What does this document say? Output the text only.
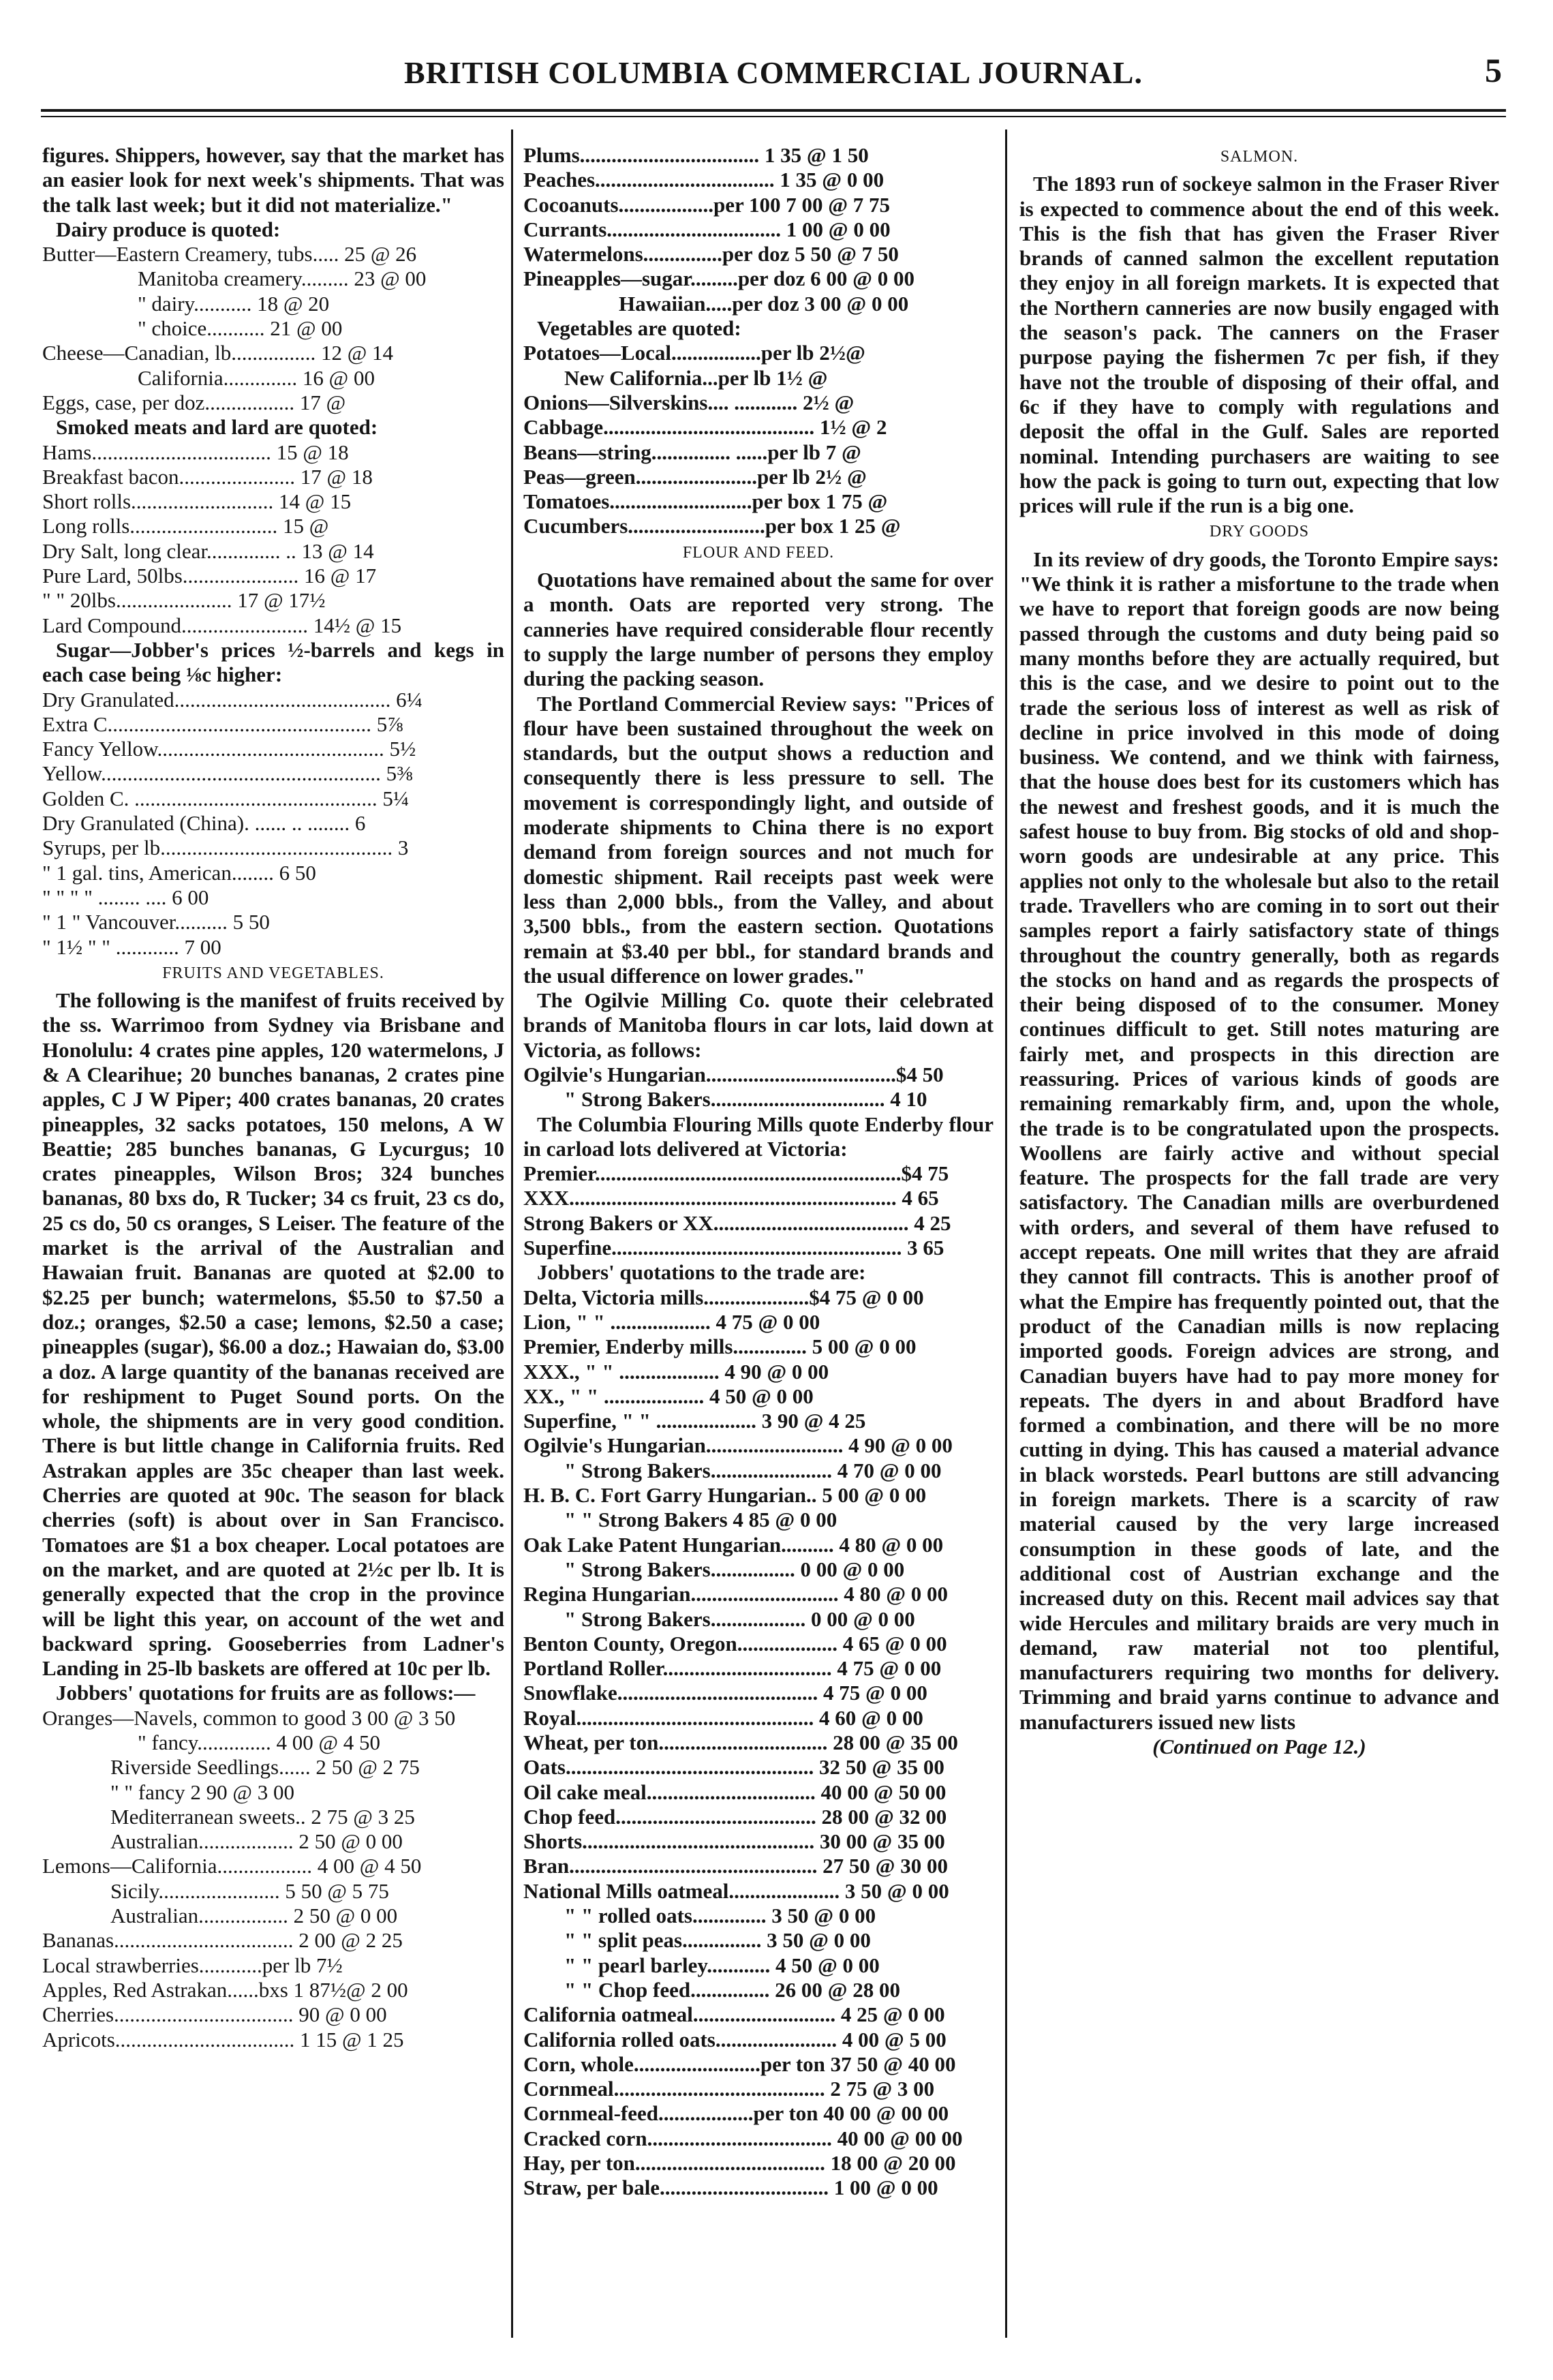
BRITISH COLUMBIA COMMERCIAL JOURNAL.	5
figures. Shippers, however, say that the market has an easier look for next week's shipments. That was the talk last week; but it did not materialize."
Dairy produce is quoted:
Butter—Eastern Creamery, tubs..... 25 @ 26
Manitoba creamery......... 23 @ 00
" dairy........... 18 @ 20
" choice........... 21 @ 00
Cheese—Canadian, lb................ 12 @ 14
California.............. 16 @ 00
Eggs, case, per doz................. 17 @
Smoked meats and lard are quoted:
Hams.................................. 15 @ 18
Breakfast bacon...................... 17 @ 18
Short rolls........................... 14 @ 15
Long rolls............................ 15 @
Dry Salt, long clear.............. .. 13 @ 14
Pure Lard, 50lbs...................... 16 @ 17
" " 20lbs...................... 17 @ 17½
Lard Compound........................ 14½ @ 15
Sugar—Jobber's prices ½-barrels and kegs in each case being ⅛c higher:
Dry Granulated......................................... 6¼
Extra C.................................................. 5⅞
Fancy Yellow........................................... 5½
Yellow..................................................... 5⅜
Golden C. .............................................. 5¼
Dry Granulated (China). ...... .. ........ 6
Syrups, per lb............................................ 3
" 1 gal. tins, American........ 6 50
" " " " ........ .... 6 00
" 1 " Vancouver.......... 5 50
" 1½ " " ............ 7 00
FRUITS AND VEGETABLES.
The following is the manifest of fruits received by the ss. Warrimoo from Sydney via Brisbane and Honolulu: 4 crates pine apples, 120 watermelons, J & A Clearihue; 20 bunches bananas, 2 crates pine apples, C J W Piper; 400 crates bananas, 20 crates pineapples, 32 sacks potatoes, 150 melons, A W Beattie; 285 bunches bananas, G Lycurgus; 10 crates pineapples, Wilson Bros; 324 bunches bananas, 80 bxs do, R Tucker; 34 cs fruit, 23 cs do, 25 cs do, 50 cs oranges, S Leiser. The feature of the market is the arrival of the Australian and Hawaian fruit. Bananas are quoted at $2.00 to $2.25 per bunch; watermelons, $5.50 to $7.50 a doz.; oranges, $2.50 a case; lemons, $2.50 a case; pineapples (sugar), $6.00 a doz.; Hawaian do, $3.00 a doz. A large quantity of the bananas received are for reshipment to Puget Sound ports. On the whole, the shipments are in very good condition. There is but little change in California fruits. Red Astrakan apples are 35c cheaper than last week. Cherries are quoted at 90c. The season for black cherries (soft) is about over in San Francisco. Tomatoes are $1 a box cheaper. Local potatoes are on the market, and are quoted at 2½c per lb. It is generally expected that the crop in the province will be light this year, on account of the wet and backward spring. Gooseberries from Ladner's Landing in 25-lb baskets are offered at 10c per lb.
Jobbers' quotations for fruits are as follows:—
Oranges—Navels, common to good 3 00 @ 3 50
" fancy.............. 4 00 @ 4 50
Riverside Seedlings...... 2 50 @ 2 75
" " fancy 2 90 @ 3 00
Mediterranean sweets.. 2 75 @ 3 25
Australian.................. 2 50 @ 0 00
Lemons—California.................. 4 00 @ 4 50
Sicily....................... 5 50 @ 5 75
Australian................. 2 50 @ 0 00
Bananas.................................. 2 00 @ 2 25
Local strawberries............per lb 7½
Apples, Red Astrakan......bxs 1 87½@ 2 00
Cherries.................................. 90 @ 0 00
Apricots.................................. 1 15 @ 1 25
Plums.................................. 1 35 @ 1 50
Peaches.................................. 1 35 @ 0 00
Cocoanuts..................per 100 7 00 @ 7 75
Currants................................. 1 00 @ 0 00
Watermelons...............per doz 5 50 @ 7 50
Pineapples—sugar.........per doz 6 00 @ 0 00
Hawaiian.....per doz 3 00 @ 0 00
Vegetables are quoted:
Potatoes—Local.................per lb 2½@
New California...per lb 1½ @
Onions—Silverskins.... ............ 2½ @
Cabbage........................................ 1½ @ 2
Beans—string............... ......per lb 7 @
Peas—green.......................per lb 2½ @
Tomatoes...........................per box 1 75 @
Cucumbers..........................per box 1 25 @
FLOUR AND FEED.
Quotations have remained about the same for over a month. Oats are reported very strong. The canneries have required considerable flour recently to supply the large number of persons they employ during the packing season.
The Portland Commercial Review says: "Prices of flour have been sustained throughout the week on standards, but the output shows a reduction and consequently there is less pressure to sell. The movement is correspondingly light, and outside of moderate shipments to China there is no export demand from foreign sources and not much for domestic shipment. Rail receipts past week were less than 2,000 bbls., from the Valley, and about 3,500 bbls., from the eastern section. Quotations remain at $3.40 per bbl., for standard brands and the usual difference on lower grades."
The Ogilvie Milling Co. quote their celebrated brands of Manitoba flours in car lots, laid down at Victoria, as follows:
Ogilvie's Hungarian....................................$4 50
" Strong Bakers................................. 4 10
The Columbia Flouring Mills quote Enderby flour in carload lots delivered at Victoria:
Premier..........................................................$4 75
XXX.............................................................. 4 65
Strong Bakers or XX..................................... 4 25
Superfine....................................................... 3 65
Jobbers' quotations to the trade are:
Delta, Victoria mills....................$4 75 @ 0 00
Lion, " " ................... 4 75 @ 0 00
Premier, Enderby mills.............. 5 00 @ 0 00
XXX., " " ................... 4 90 @ 0 00
XX., " " ................... 4 50 @ 0 00
Superfine, " " ................... 3 90 @ 4 25
Ogilvie's Hungarian.......................... 4 90 @ 0 00
" Strong Bakers....................... 4 70 @ 0 00
H. B. C. Fort Garry Hungarian.. 5 00 @ 0 00
" " Strong Bakers 4 85 @ 0 00
Oak Lake Patent Hungarian.......... 4 80 @ 0 00
" Strong Bakers................ 0 00 @ 0 00
Regina Hungarian............................ 4 80 @ 0 00
" Strong Bakers.................. 0 00 @ 0 00
Benton County, Oregon................... 4 65 @ 0 00
Portland Roller................................ 4 75 @ 0 00
Snowflake...................................... 4 75 @ 0 00
Royal............................................. 4 60 @ 0 00
Wheat, per ton................................ 28 00 @ 35 00
Oats............................................... 32 50 @ 35 00
Oil cake meal................................ 40 00 @ 50 00
Chop feed...................................... 28 00 @ 32 00
Shorts............................................ 30 00 @ 35 00
Bran............................................... 27 50 @ 30 00
National Mills oatmeal..................... 3 50 @ 0 00
" " rolled oats.............. 3 50 @ 0 00
" " split peas............... 3 50 @ 0 00
" " pearl barley............ 4 50 @ 0 00
" " Chop feed............... 26 00 @ 28 00
California oatmeal........................... 4 25 @ 0 00
California rolled oats....................... 4 00 @ 5 00
Corn, whole........................per ton 37 50 @ 40 00
Cornmeal........................................ 2 75 @ 3 00
Cornmeal-feed..................per ton 40 00 @ 00 00
Cracked corn................................... 40 00 @ 00 00
Hay, per ton.................................... 18 00 @ 20 00
Straw, per bale................................ 1 00 @ 0 00
SALMON.
The 1893 run of sockeye salmon in the Fraser River is expected to commence about the end of this week. This is the fish that has given the Fraser River brands of canned salmon the excellent reputation they enjoy in all foreign markets. It is expected that the Northern canneries are now busily engaged with the season's pack. The canners on the Fraser purpose paying the fishermen 7c per fish, if they have not the trouble of disposing of their offal, and 6c if they have to comply with regulations and deposit the offal in the Gulf. Sales are reported nominal. Intending purchasers are waiting to see how the pack is going to turn out, expecting that low prices will rule if the run is a big one.
DRY GOODS
In its review of dry goods, the Toronto Empire says: "We think it is rather a misfortune to the trade when we have to report that foreign goods are now being passed through the customs and duty being paid so many months before they are actually required, but this is the case, and we desire to point out to the trade the serious loss of interest as well as risk of decline in price involved in this mode of doing business. We contend, and we think with fairness, that the house does best for its customers which has the newest and freshest goods, and it is much the safest house to buy from. Big stocks of old and shop-worn goods are undesirable at any price. This applies not only to the wholesale but also to the retail trade. Travellers who are coming in to sort out their samples report a fairly satisfactory state of things throughout the country generally, both as regards the stocks on hand and as regards the prospects of their being disposed of to the consumer. Money continues difficult to get. Still notes maturing are fairly met, and prospects in this direction are reassuring. Prices of various kinds of goods are remaining remarkably firm, and, upon the whole, the trade is to be congratulated upon the prospects. Woollens are fairly active and without special feature. The prospects for the fall trade are very satisfactory. The Canadian mills are overburdened with orders, and several of them have refused to accept repeats. One mill writes that they are afraid they cannot fill contracts. This is another proof of what the Empire has frequently pointed out, that the product of the Canadian mills is now replacing imported goods. Foreign advices are strong, and Canadian buyers have had to pay more money for repeats. The dyers in and about Bradford have formed a combination, and there will be no more cutting in dying. This has caused a material advance in black worsteds. Pearl buttons are still advancing in foreign markets. There is a scarcity of raw material caused by the very large increased consumption in these goods of late, and the additional cost of Austrian exchange and the increased duty on this. Recent mail advices say that wide Hercules and military braids are very much in demand, raw material not too plentiful, manufacturers requiring two months for delivery. Trimming and braid yarns continue to advance and manufacturers issued new lists
(Continued on Page 12.)
